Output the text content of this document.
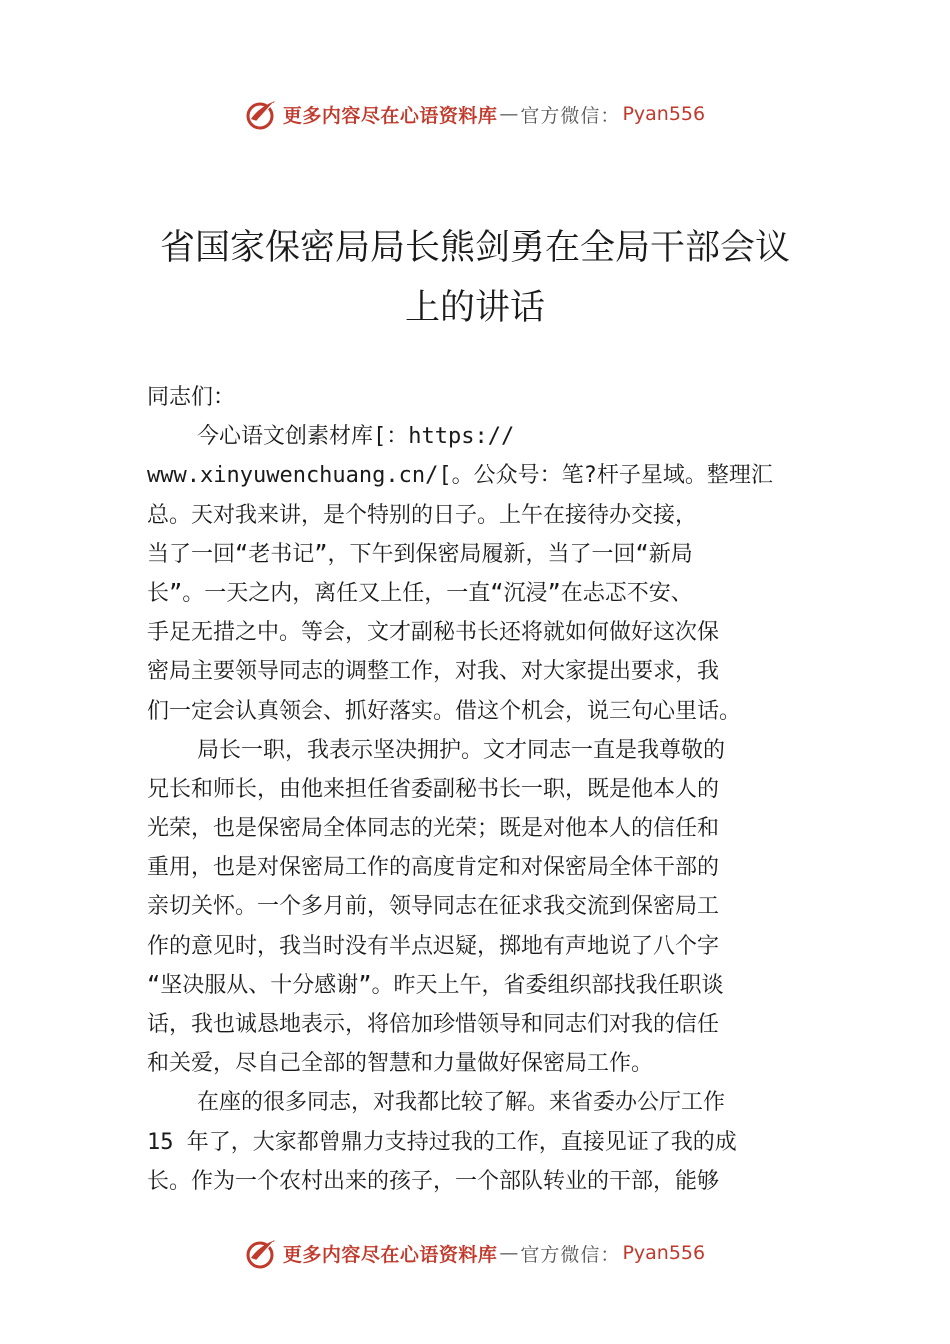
更多内容尽在心语资料库 — 官方微信： Pyan556
省国家保密局局长熊剑勇在全局干部会议
上的讲话
同志们：
今心语文创素材库[：https://
www.xinyuwenchuang.cn/[。公众号：笔?杆子星域。整理汇
总。天对我来讲，是个特别的日子。上午在接待办交接，
当了一回“老书记”，下午到保密局履新，当了一回“新局
长”。一天之内，离任又上任，一直“沉浸”在忐忑不安、
手足无措之中。等会，文才副秘书长还将就如何做好这次保
密局主要领导同志的调整工作，对我、对大家提出要求，我
们一定会认真领会、抓好落实。借这个机会，说三句心里话。
局长一职，我表示坚决拥护。文才同志一直是我尊敬的
兄长和师长，由他来担任省委副秘书长一职，既是他本人的
光荣，也是保密局全体同志的光荣；既是对他本人的信任和
重用，也是对保密局工作的高度肯定和对保密局全体干部的
亲切关怀。一个多月前，领导同志在征求我交流到保密局工
作的意见时，我当时没有半点迟疑，掷地有声地说了八个字
“坚决服从、十分感谢”。昨天上午，省委组织部找我任职谈
话，我也诚恳地表示，将倍加珍惜领导和同志们对我的信任
和关爱，尽自己全部的智慧和力量做好保密局工作。
在座的很多同志，对我都比较了解。来省委办公厅工作
15 年了，大家都曾鼎力支持过我的工作，直接见证了我的成
长。作为一个农村出来的孩子，一个部队转业的干部，能够
更多内容尽在心语资料库 — 官方微信： Pyan556
